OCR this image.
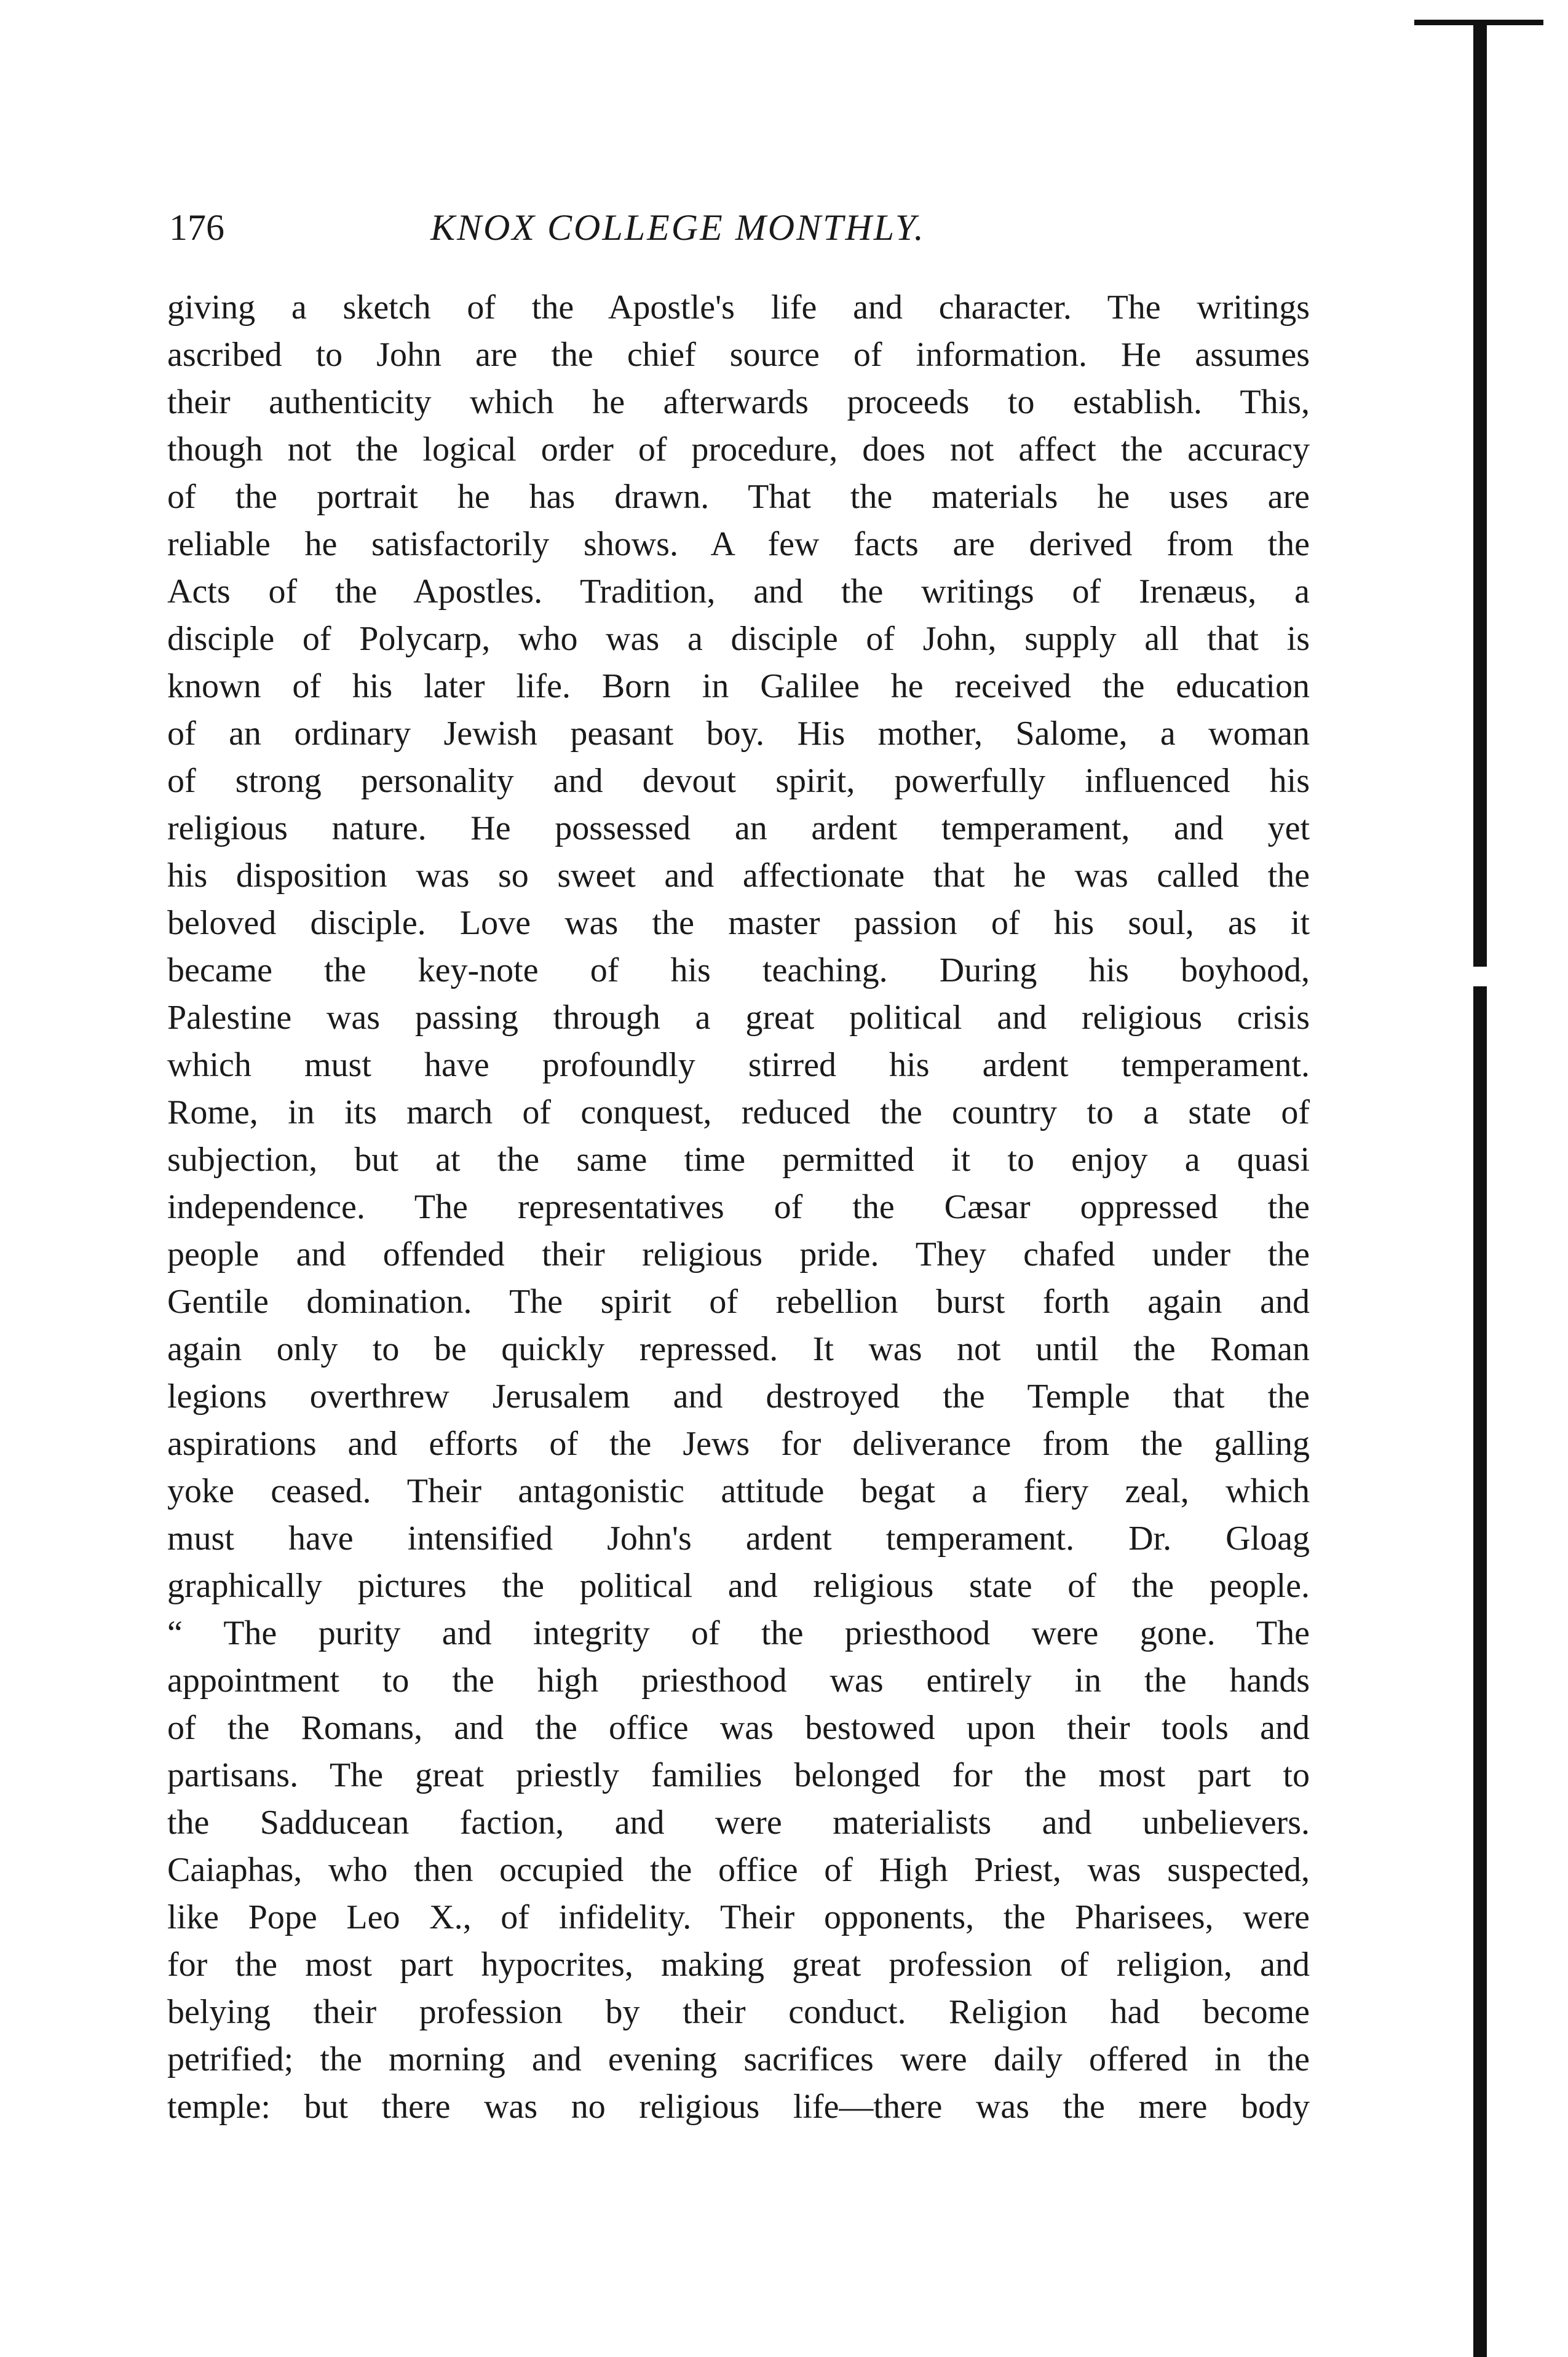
176	KNOX COLLEGE MONTHLY.
giving a sketch of the Apostle's life and character. The writings
ascribed to John are the chief source of information. He assumes
their authenticity which he afterwards proceeds to establish. This,
though not the logical order of procedure, does not affect the accuracy
of the portrait he has drawn. That the materials he uses are
reliable he satisfactorily shows. A few facts are derived from the
Acts of the Apostles. Tradition, and the writings of Irenæus, a
disciple of Polycarp, who was a disciple of John, supply all that is
known of his later life. Born in Galilee he received the education
of an ordinary Jewish peasant boy. His mother, Salome, a woman
of strong personality and devout spirit, powerfully influenced his
religious nature. He possessed an ardent temperament, and yet
his disposition was so sweet and affectionate that he was called the
beloved disciple. Love was the master passion of his soul, as it
became the key-note of his teaching. During his boyhood,
Palestine was passing through a great political and religious crisis
which must have profoundly stirred his ardent temperament.
Rome, in its march of conquest, reduced the country to a state of
subjection, but at the same time permitted it to enjoy a quasi
independence. The representatives of the Cæsar oppressed the
people and offended their religious pride. They chafed under the
Gentile domination. The spirit of rebellion burst forth again and
again only to be quickly repressed. It was not until the Roman
legions overthrew Jerusalem and destroyed the Temple that the
aspirations and efforts of the Jews for deliverance from the galling
yoke ceased. Their antagonistic attitude begat a fiery zeal, which
must have intensified John's ardent temperament. Dr. Gloag
graphically pictures the political and religious state of the people.
“ The purity and integrity of the priesthood were gone. The
appointment to the high priesthood was entirely in the hands
of the Romans, and the office was bestowed upon their tools and
partisans. The great priestly families belonged for the most part to
the Sadducean faction, and were materialists and unbelievers.
Caiaphas, who then occupied the office of High Priest, was suspected,
like Pope Leo X., of infidelity. Their opponents, the Pharisees, were
for the most part hypocrites, making great profession of religion, and
belying their profession by their conduct. Religion had become
petrified; the morning and evening sacrifices were daily offered in the
temple: but there was no religious life—there was the mere body
